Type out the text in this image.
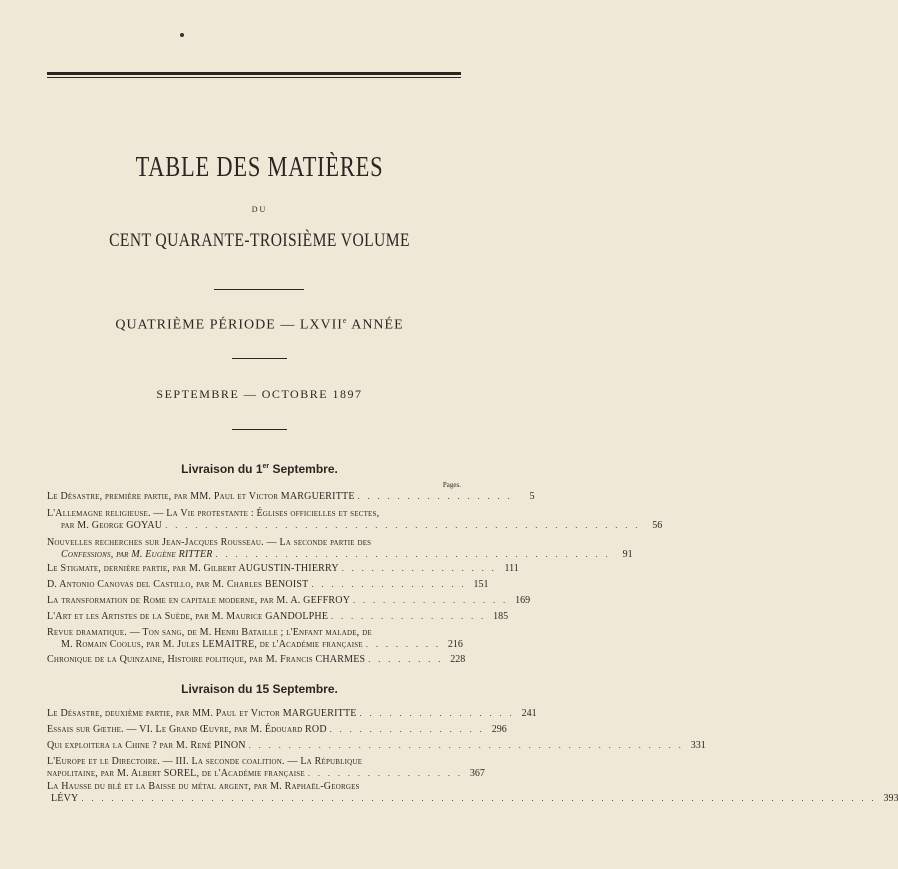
TABLE DES MATIÈRES
DU
CENT QUARANTE-TROISIÈME VOLUME
QUATRIÈME PÉRIODE — LXVIIe ANNÉE
SEPTEMBRE — OCTOBRE 1897
Livraison du 1er Septembre.
Pages.
Le Désastre, première partie, par MM. Paul et Victor MARGUERITTE . . . . . . . . . . . . . . . .	5
L'Allemagne religieuse. — La Vie protestante : Églises officielles et sectes,
par M. George GOYAU . . . . . . . . . . . . . . . . . . . . . . . . . . . . . . . . . . . . . . . . . . . . . . . .	56
Nouvelles recherches sur Jean-Jacques Rousseau. — La seconde partie des
Confessions, par M. Eugène RITTER . . . . . . . . . . . . . . . . . . . . . . . . . . . . . . . . . . . . . . . .	91
Le Stigmate, dernière partie, par M. Gilbert AUGUSTIN-THIERRY . . . . . . . . . . . . . . . . 111
D. Antonio Canovas del Castillo, par M. Charles BENOIST . . . . . . . . . . . . . . . . 151
La transformation de Rome en capitale moderne, par M. A. GEFFROY . . . . . . . . . . . . . . . . 169
L'Art et les Artistes de la Suède, par M. Maurice GANDOLPHE . . . . . . . . . . . . . . . . 185
Revue dramatique. — Ton sang, de M. Henri Bataille ; l'Enfant malade, de
M. Romain Coolus, par M. Jules LEMAITRE, de l'Académie française . . . . . . . . 216
Chronique de la Quinzaine, Histoire politique, par M. Francis CHARMES . . . . . . . . 228
Livraison du 15 Septembre.
Le Désastre, deuxième partie, par MM. Paul et Victor MARGUERITTE . . . . . . . . . . . . . . . . 241
Essais sur Gœthe. — VI. Le Grand Œuvre, par M. Édouard ROD . . . . . . . . . . . . . . . . 296
Qui exploitera la Chine ? par M. René PINON . . . . . . . . . . . . . . . . . . . . . . . . . . . . . . . . . . . . . . . . . . . . 331
L'Europe et le Directoire. — III. La seconde coalition. — La République
napolitaine, par M. Albert SOREL, de l'Académie française . . . . . . . . . . . . . . . . 367
La Hausse du blé et la Baisse du métal argent, par M. Raphaël-Georges
LÉVY . . . . . . . . . . . . . . . . . . . . . . . . . . . . . . . . . . . . . . . . . . . . . . . . . . . . . . . . . . . . . . . . . . . . . . . . . . . . . . . . 393
